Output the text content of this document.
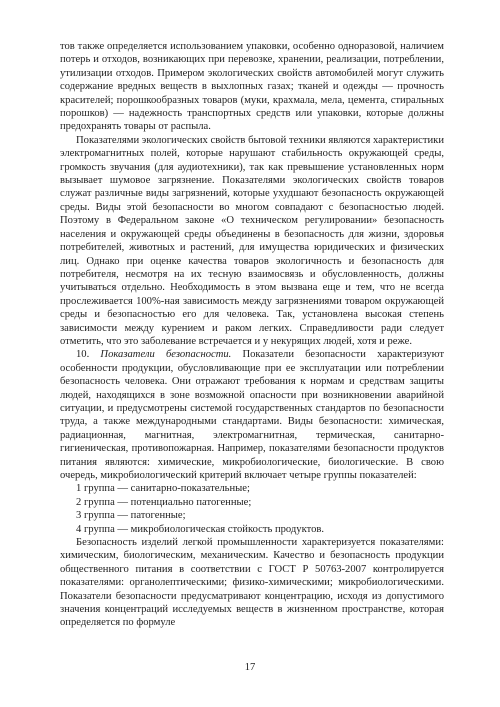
тов также определяется использованием упаковки, особенно одноразовой, наличием потерь и отходов, возникающих при перевозке, хранении, реализации, потреблении, утилизации отходов. Примером экологических свойств автомобилей могут служить содержание вредных веществ в выхлопных газах; тканей и одежды — прочность красителей; порошкообразных товаров (муки, крахмала, мела, цемента, стиральных порошков) — надежность транспортных средств или упаковки, которые должны предохранять товары от распыла.

Показателями экологических свойств бытовой техники являются характеристики электромагнитных полей, которые нарушают стабильность окружающей среды, громкость звучания (для аудиотехники), так как превышение установленных норм вызывает шумовое загрязнение. Показателями экологических свойств товаров служат различные виды загрязнений, которые ухудшают безопасность окружающей среды. Виды этой безопасности во многом совпадают с безопасностью людей. Поэтому в Федеральном законе «О техническом регулировании» безопасность населения и окружающей среды объединены в безопасность для жизни, здоровья потребителей, животных и растений, для имущества юридических и физических лиц. Однако при оценке качества товаров экологичность и безопасность для потребителя, несмотря на их тесную взаимосвязь и обусловленность, должны учитываться отдельно. Необходимость в этом вызвана еще и тем, что не всегда прослеживается 100%-ная зависимость между загрязнениями товаром окружающей среды и безопасностью его для человека. Так, установлена высокая степень зависимости между курением и раком легких. Справедливости ради следует отметить, что это заболевание встречается и у некурящих людей, хотя и реже.

10. Показатели безопасности. Показатели безопасности характеризуют особенности продукции, обусловливающие при ее эксплуатации или потреблении безопасность человека. Они отражают требования к нормам и средствам защиты людей, находящихся в зоне возможной опасности при возникновении аварийной ситуации, и предусмотрены системой государственных стандартов по безопасности труда, а также международными стандартами. Виды безопасности: химическая, радиационная, магнитная, электромагнитная, термическая, санитарно-гигиеническая, противопожарная. Например, показателями безопасности продуктов питания являются: химические, микробиологические, биологические. В свою очередь, микробиологический критерий включает четыре группы показателей:

1 группа — санитарно-показательные;
2 группа — потенциально патогенные;
3 группа — патогенные;
4 группа — микробиологическая стойкость продуктов.

Безопасность изделий легкой промышленности характеризуется показателями: химическим, биологическим, механическим. Качество и безопасность продукции общественного питания в соответствии с ГОСТ Р 50763-2007 контролируется показателями: органолептическими; физико-химическими; микробиологическими. Показатели безопасности предусматривают концентрацию, исходя из допустимого значения концентраций исследуемых веществ в жизненном пространстве, которая определяется по формуле

17
